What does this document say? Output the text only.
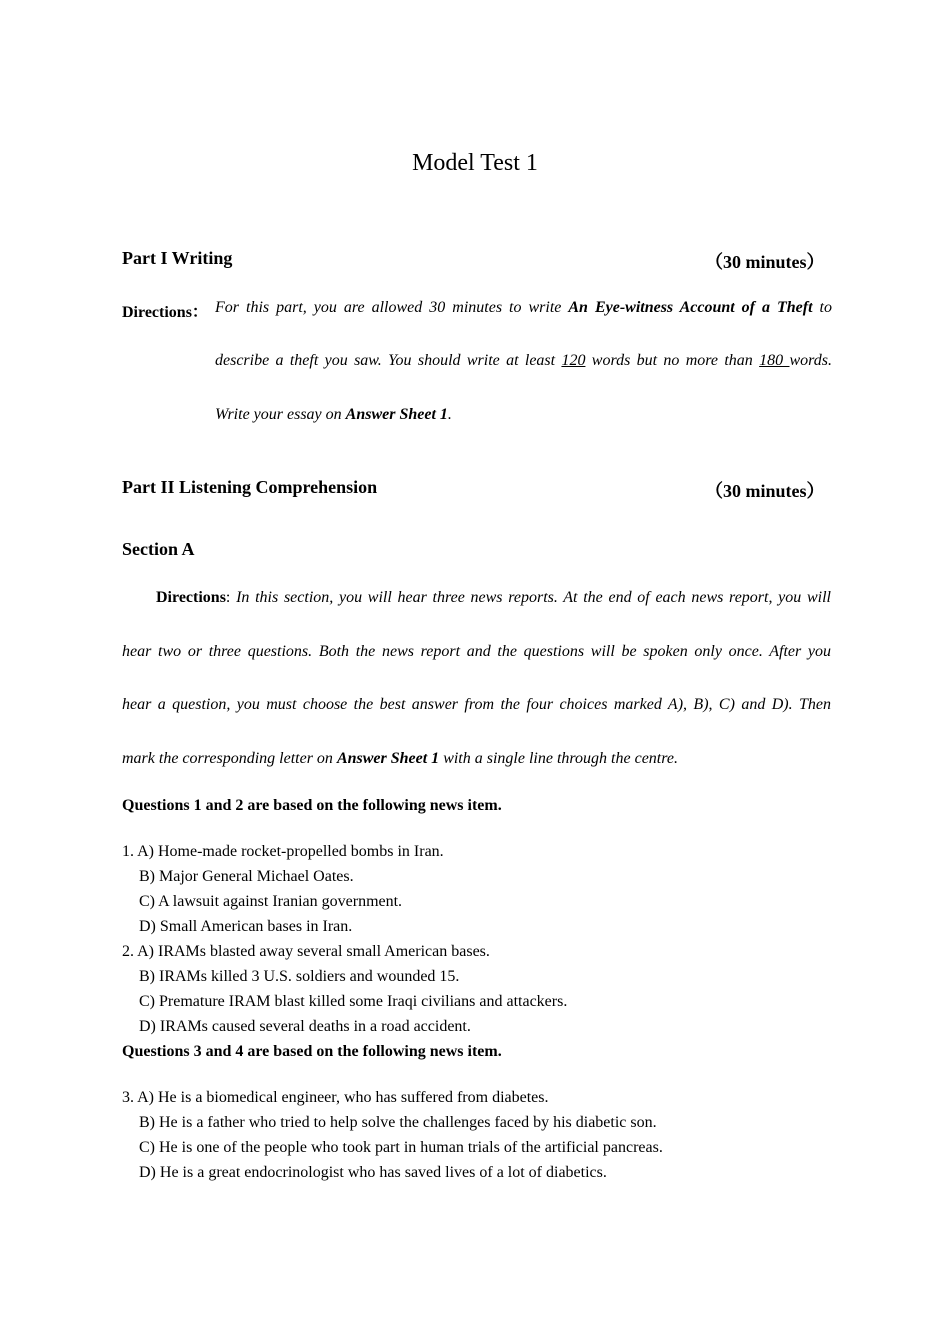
Model Test 1
Part I Writing	（30 minutes）
Directions： For this part, you are allowed 30 minutes to write An Eye-witness Account of a Theft to
describe a theft you saw. You should write at least 120 words but no more than 180 words.
Write your essay on Answer Sheet 1.
Part II Listening Comprehension	（30 minutes）
Section A
Directions: In this section, you will hear three news reports. At the end of each news report, you will
hear two or three questions. Both the news report and the questions will be spoken only once. After you
hear a question, you must choose the best answer from the four choices marked A), B), C) and D). Then
mark the corresponding letter on Answer Sheet 1 with a single line through the centre.
Questions 1 and 2 are based on the following news item.
1. A) Home-made rocket-propelled bombs in Iran.
B) Major General Michael Oates.
C) A lawsuit against Iranian government.
D) Small American bases in Iran.
2. A) IRAMs blasted away several small American bases.
B) IRAMs killed 3 U.S. soldiers and wounded 15.
C) Premature IRAM blast killed some Iraqi civilians and attackers.
D) IRAMs caused several deaths in a road accident.
Questions 3 and 4 are based on the following news item.
3. A) He is a biomedical engineer, who has suffered from diabetes.
B) He is a father who tried to help solve the challenges faced by his diabetic son.
C) He is one of the people who took part in human trials of the artificial pancreas.
D) He is a great endocrinologist who has saved lives of a lot of diabetics.
